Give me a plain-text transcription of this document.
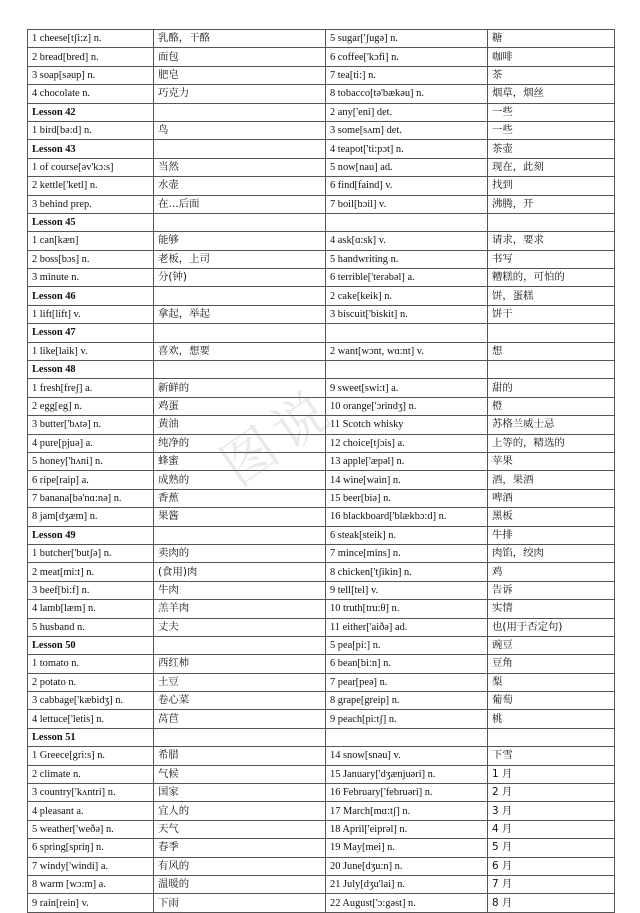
1 cheese[tʃi:z] n.	乳酪，干酪	5 sugar['ʃugə] n.	糖
2 bread[bred] n.	面包	6 coffee['kɔfi] n.	咖啡
3 soap[səup] n.	肥皂	7 tea[ti:] n.	茶
4 chocolate n.	巧克力	8 tobacco[tə'bækəu] n.	烟草，烟丝
Lesson 42		2 any['eni] det.	一些
1 bird[bə:d] n.	鸟	3 some[sʌm] det.	一些
Lesson 43		4 teapot['ti:pɔt] n.	茶壶
1 of course[əv'kɔ:s]	当然	5 now[nau] ad.	现在，此刻
2 kettle['ketl] n.	水壶	6 find[faind] v.	找到
3 behind prep.	在…后面	7 boil[bɔil] v.	沸腾，开
Lesson 45			
1 can[kæn]	能够	4 ask[ɑ:sk] v.	请求，要求
2 boss[bɔs] n.	老板，上司	5 handwriting n.	书写
3 minute n.	分(钟)	6 terrible['terəbəl] a.	糟糕的，可怕的
Lesson 46		2 cake[keik] n.	饼，蛋糕
1 lift[lift] v.	拿起，举起	3 biscuit['biskit] n.	饼干
Lesson 47			
1 like[laik] v.	喜欢，想要	2 want[wɔnt, wɑ:nt] v.	想
Lesson 48			
1 fresh[freʃ] a.	新鲜的	9 sweet[swi:t] a.	甜的
2 egg[eg] n.	鸡蛋	10 orange['ɔrindʒ] n.	橙
3 butter['bʌtə] n.	黄油	11 Scotch whisky	苏格兰威士忌
4 pure[pjuə] a.	纯净的	12 choice[tʃɔis] a.	上等的，精选的
5 honey['hʌni] n.	蜂蜜	13 apple['æpəl] n.	苹果
6 ripe[raip] a.	成熟的	14 wine[wain] n.	酒，果酒
7 banana[bə'nɑ:nə] n.	香蕉	15 beer[biə] n.	啤酒
8 jam[dʒæm] n.	果酱	16 blackboard['blækbɔ:d] n.	黑板
Lesson 49		6 steak[steik] n.	牛排
1 butcher['butʃə] n.	卖肉的	7 mince[mins] n.	肉馅，绞肉
2 meat[mi:t] n.	(食用)肉	8 chicken['tʃikin] n.	鸡
3 beef[bi:f] n.	牛肉	9 tell[tel] v.	告诉
4 lamb[læm] n.	羔羊肉	10 truth[tru:θ] n.	实情
5 husband n.	丈夫	11 either['aiðə] ad.	也(用于否定句)
Lesson 50		5 pea[pi:] n.	豌豆
1 tomato n.	西红柿	6 bean[bi:n] n.	豆角
2 potato n.	土豆	7 pear[peə] n.	梨
3 cabbage['kæbidʒ] n.	卷心菜	8 grape[greip] n.	葡萄
4 lettuce['letis] n.	莴苣	9 peach[pi:tʃ] n.	桃
Lesson 51			
1 Greece[gri:s] n.	希腊	14 snow[snəu] v.	下雪
2 climate n.	气候	15 January['dʒænjuəri] n.	1 月
3 country['kʌntri] n.	国家	16 February['februəri] n.	2 月
4 pleasant a.	宜人的	17 March[mɑ:tʃ] n.	3 月
5 weather['weðə] n.	天气	18 April['eiprəl] n.	4 月
6 spring[spriŋ] n.	春季	19 May[mei] n.	5 月
7 windy['windi] a.	有风的	20 June[dʒu:n] n.	6 月
8 warm [wɔ:m] a.	温暖的	21 July[dʒu'lai] n.	7 月
9 rain[rein] v.	下雨	22 August['ɔ:gəst] n.	8 月
图说
